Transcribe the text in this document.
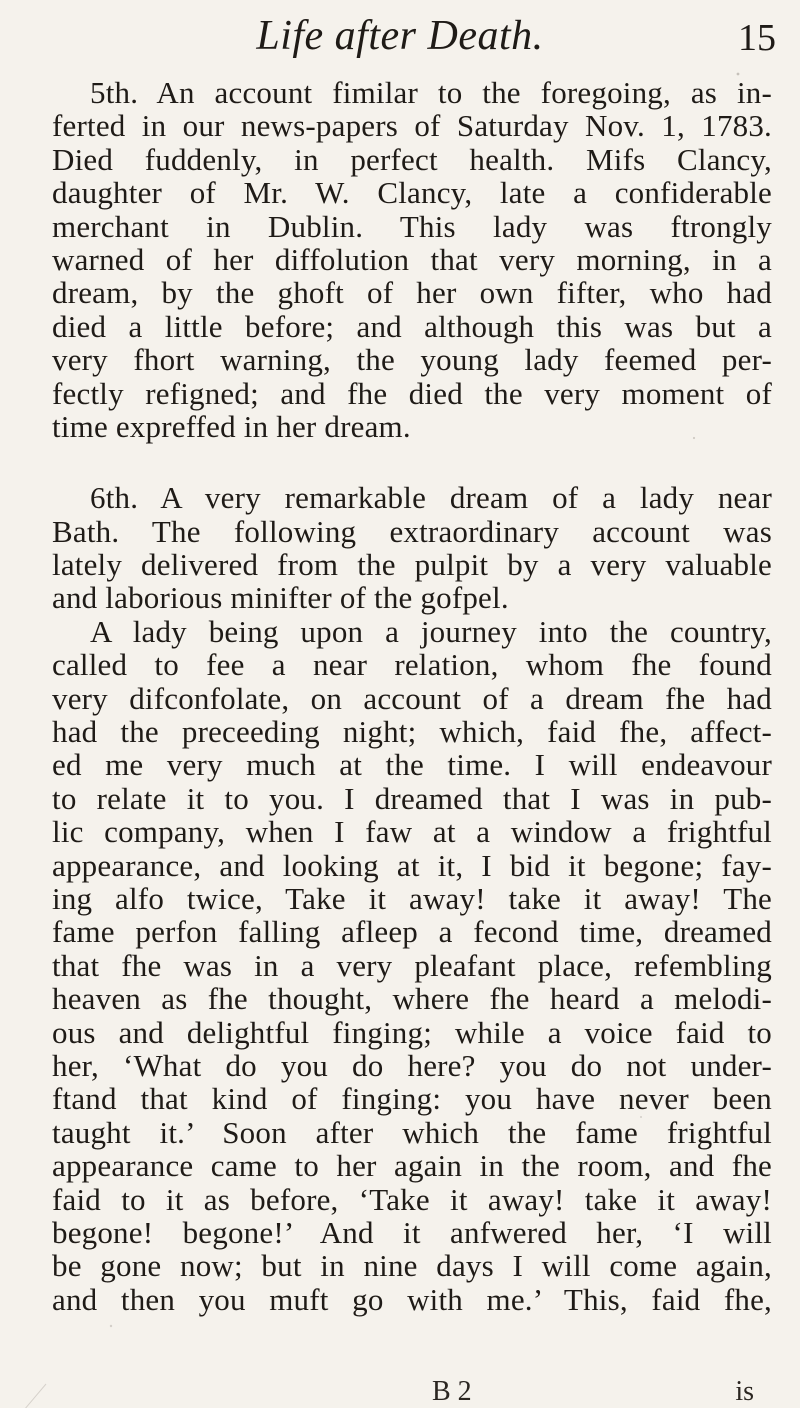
Life after Death.	15
5th. An account fimilar to the foregoing, as in-
ferted in our news-papers of Saturday Nov. 1, 1783.
Died fuddenly, in perfect health. Mifs Clancy,
daughter of Mr. W. Clancy, late a confiderable
merchant in Dublin. This lady was ftrongly
warned of her diffolution that very morning, in a
dream, by the ghoft of her own fifter, who had
died a little before; and although this was but a
very fhort warning, the young lady feemed per-
fectly refigned; and fhe died the very moment of
time expreffed in her dream.
6th. A very remarkable dream of a lady near
Bath. The following extraordinary account was
lately delivered from the pulpit by a very valuable
and laborious minifter of the gofpel.
A lady being upon a journey into the country,
called to fee a near relation, whom fhe found
very difconfolate, on account of a dream fhe had
had the preceeding night; which, faid fhe, affect-
ed me very much at the time. I will endeavour
to relate it to you. I dreamed that I was in pub-
lic company, when I faw at a window a frightful
appearance, and looking at it, I bid it begone; fay-
ing alfo twice, Take it away! take it away! The
fame perfon falling afleep a fecond time, dreamed
that fhe was in a very pleafant place, refembling
heaven as fhe thought, where fhe heard a melodi-
ous and delightful finging; while a voice faid to
her, ‘What do you do here? you do not under-
ftand that kind of finging: you have never been
taught it.’ Soon after which the fame frightful
appearance came to her again in the room, and fhe
faid to it as before, ‘Take it away! take it away!
begone! begone!’ And it anfwered her, ‘I will
be gone now; but in nine days I will come again,
and then you muft go with me.’ This, faid fhe,
B 2	is
